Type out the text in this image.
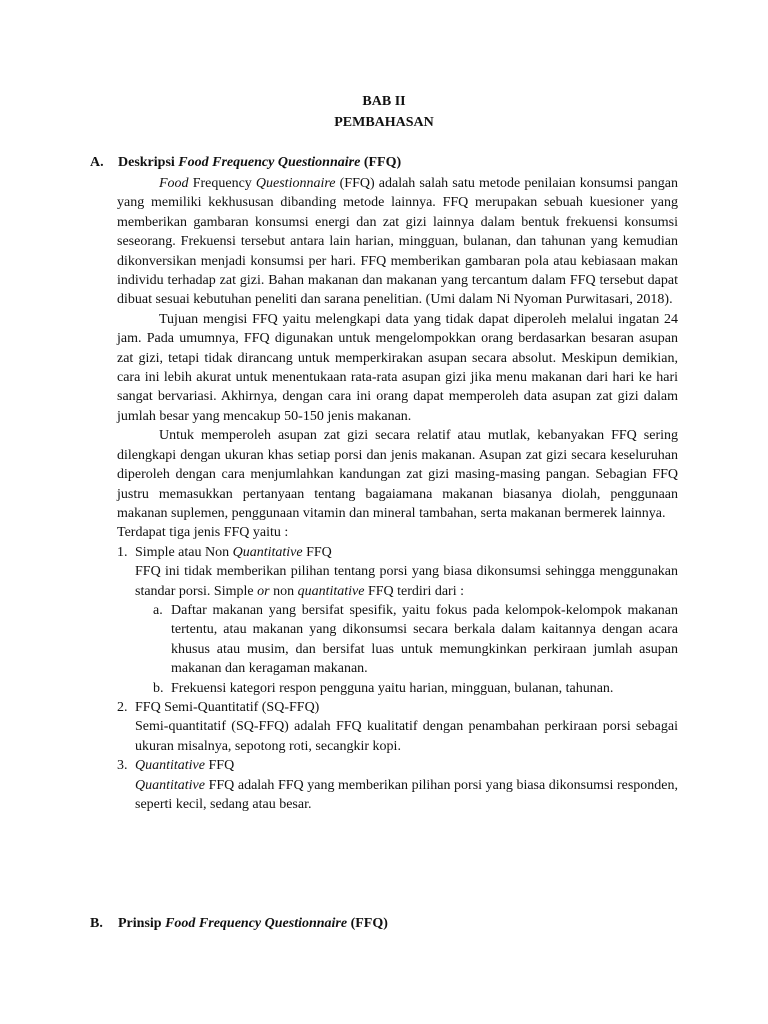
BAB II
PEMBAHASAN
A. Deskripsi Food Frequency Questionnaire (FFQ)

Food Frequency Questionnaire (FFQ) adalah salah satu metode penilaian konsumsi pangan yang memiliki kekhususan dibanding metode lainnya. FFQ merupakan sebuah kuesioner yang memberikan gambaran konsumsi energi dan zat gizi lainnya dalam bentuk frekuensi konsumsi seseorang. Frekuensi tersebut antara lain harian, mingguan, bulanan, dan tahunan yang kemudian dikonversikan menjadi konsumsi per hari. FFQ memberikan gambaran pola atau kebiasaan makan individu terhadap zat gizi. Bahan makanan dan makanan yang tercantum dalam FFQ tersebut dapat dibuat sesuai kebutuhan peneliti dan sarana penelitian. (Umi dalam Ni Nyoman Purwitasari, 2018).

Tujuan mengisi FFQ yaitu melengkapi data yang tidak dapat diperoleh melalui ingatan 24 jam. Pada umumnya, FFQ digunakan untuk mengelompokkan orang berdasarkan besaran asupan zat gizi, tetapi tidak dirancang untuk memperkirakan asupan secara absolut. Meskipun demikian, cara ini lebih akurat untuk menentukaan rata-rata asupan gizi jika menu makanan dari hari ke hari sangat bervariasi. Akhirnya, dengan cara ini orang dapat memperoleh data asupan zat gizi dalam jumlah besar yang mencakup 50-150 jenis makanan.

Untuk memperoleh asupan zat gizi secara relatif atau mutlak, kebanyakan FFQ sering dilengkapi dengan ukuran khas setiap porsi dan jenis makanan. Asupan zat gizi secara keseluruhan diperoleh dengan cara menjumlahkan kandungan zat gizi masing-masing pangan. Sebagian FFQ justru memasukkan pertanyaan tentang bagaiamana makanan biasanya diolah, penggunaan makanan suplemen, penggunaan vitamin dan mineral tambahan, serta makanan bermerek lainnya.

Terdapat tiga jenis FFQ yaitu :

1. Simple atau Non Quantitative FFQ
FFQ ini tidak memberikan pilihan tentang porsi yang biasa dikonsumsi sehingga menggunakan standar porsi. Simple or non quantitative FFQ terdiri dari :
a. Daftar makanan yang bersifat spesifik, yaitu fokus pada kelompok-kelompok makanan tertentu, atau makanan yang dikonsumsi secara berkala dalam kaitannya dengan acara khusus atau musim, dan bersifat luas untuk memungkinkan perkiraan jumlah asupan makanan dan keragaman makanan.
b. Frekuensi kategori respon pengguna yaitu harian, mingguan, bulanan, tahunan.
2. FFQ Semi-Quantitatif (SQ-FFQ)
Semi-quantitatif (SQ-FFQ) adalah FFQ kualitatif dengan penambahan perkiraan porsi sebagai ukuran misalnya, sepotong roti, secangkir kopi.
3. Quantitative FFQ
Quantitative FFQ adalah FFQ yang memberikan pilihan porsi yang biasa dikonsumsi responden, seperti kecil, sedang atau besar.
B. Prinsip Food Frequency Questionnaire (FFQ)
